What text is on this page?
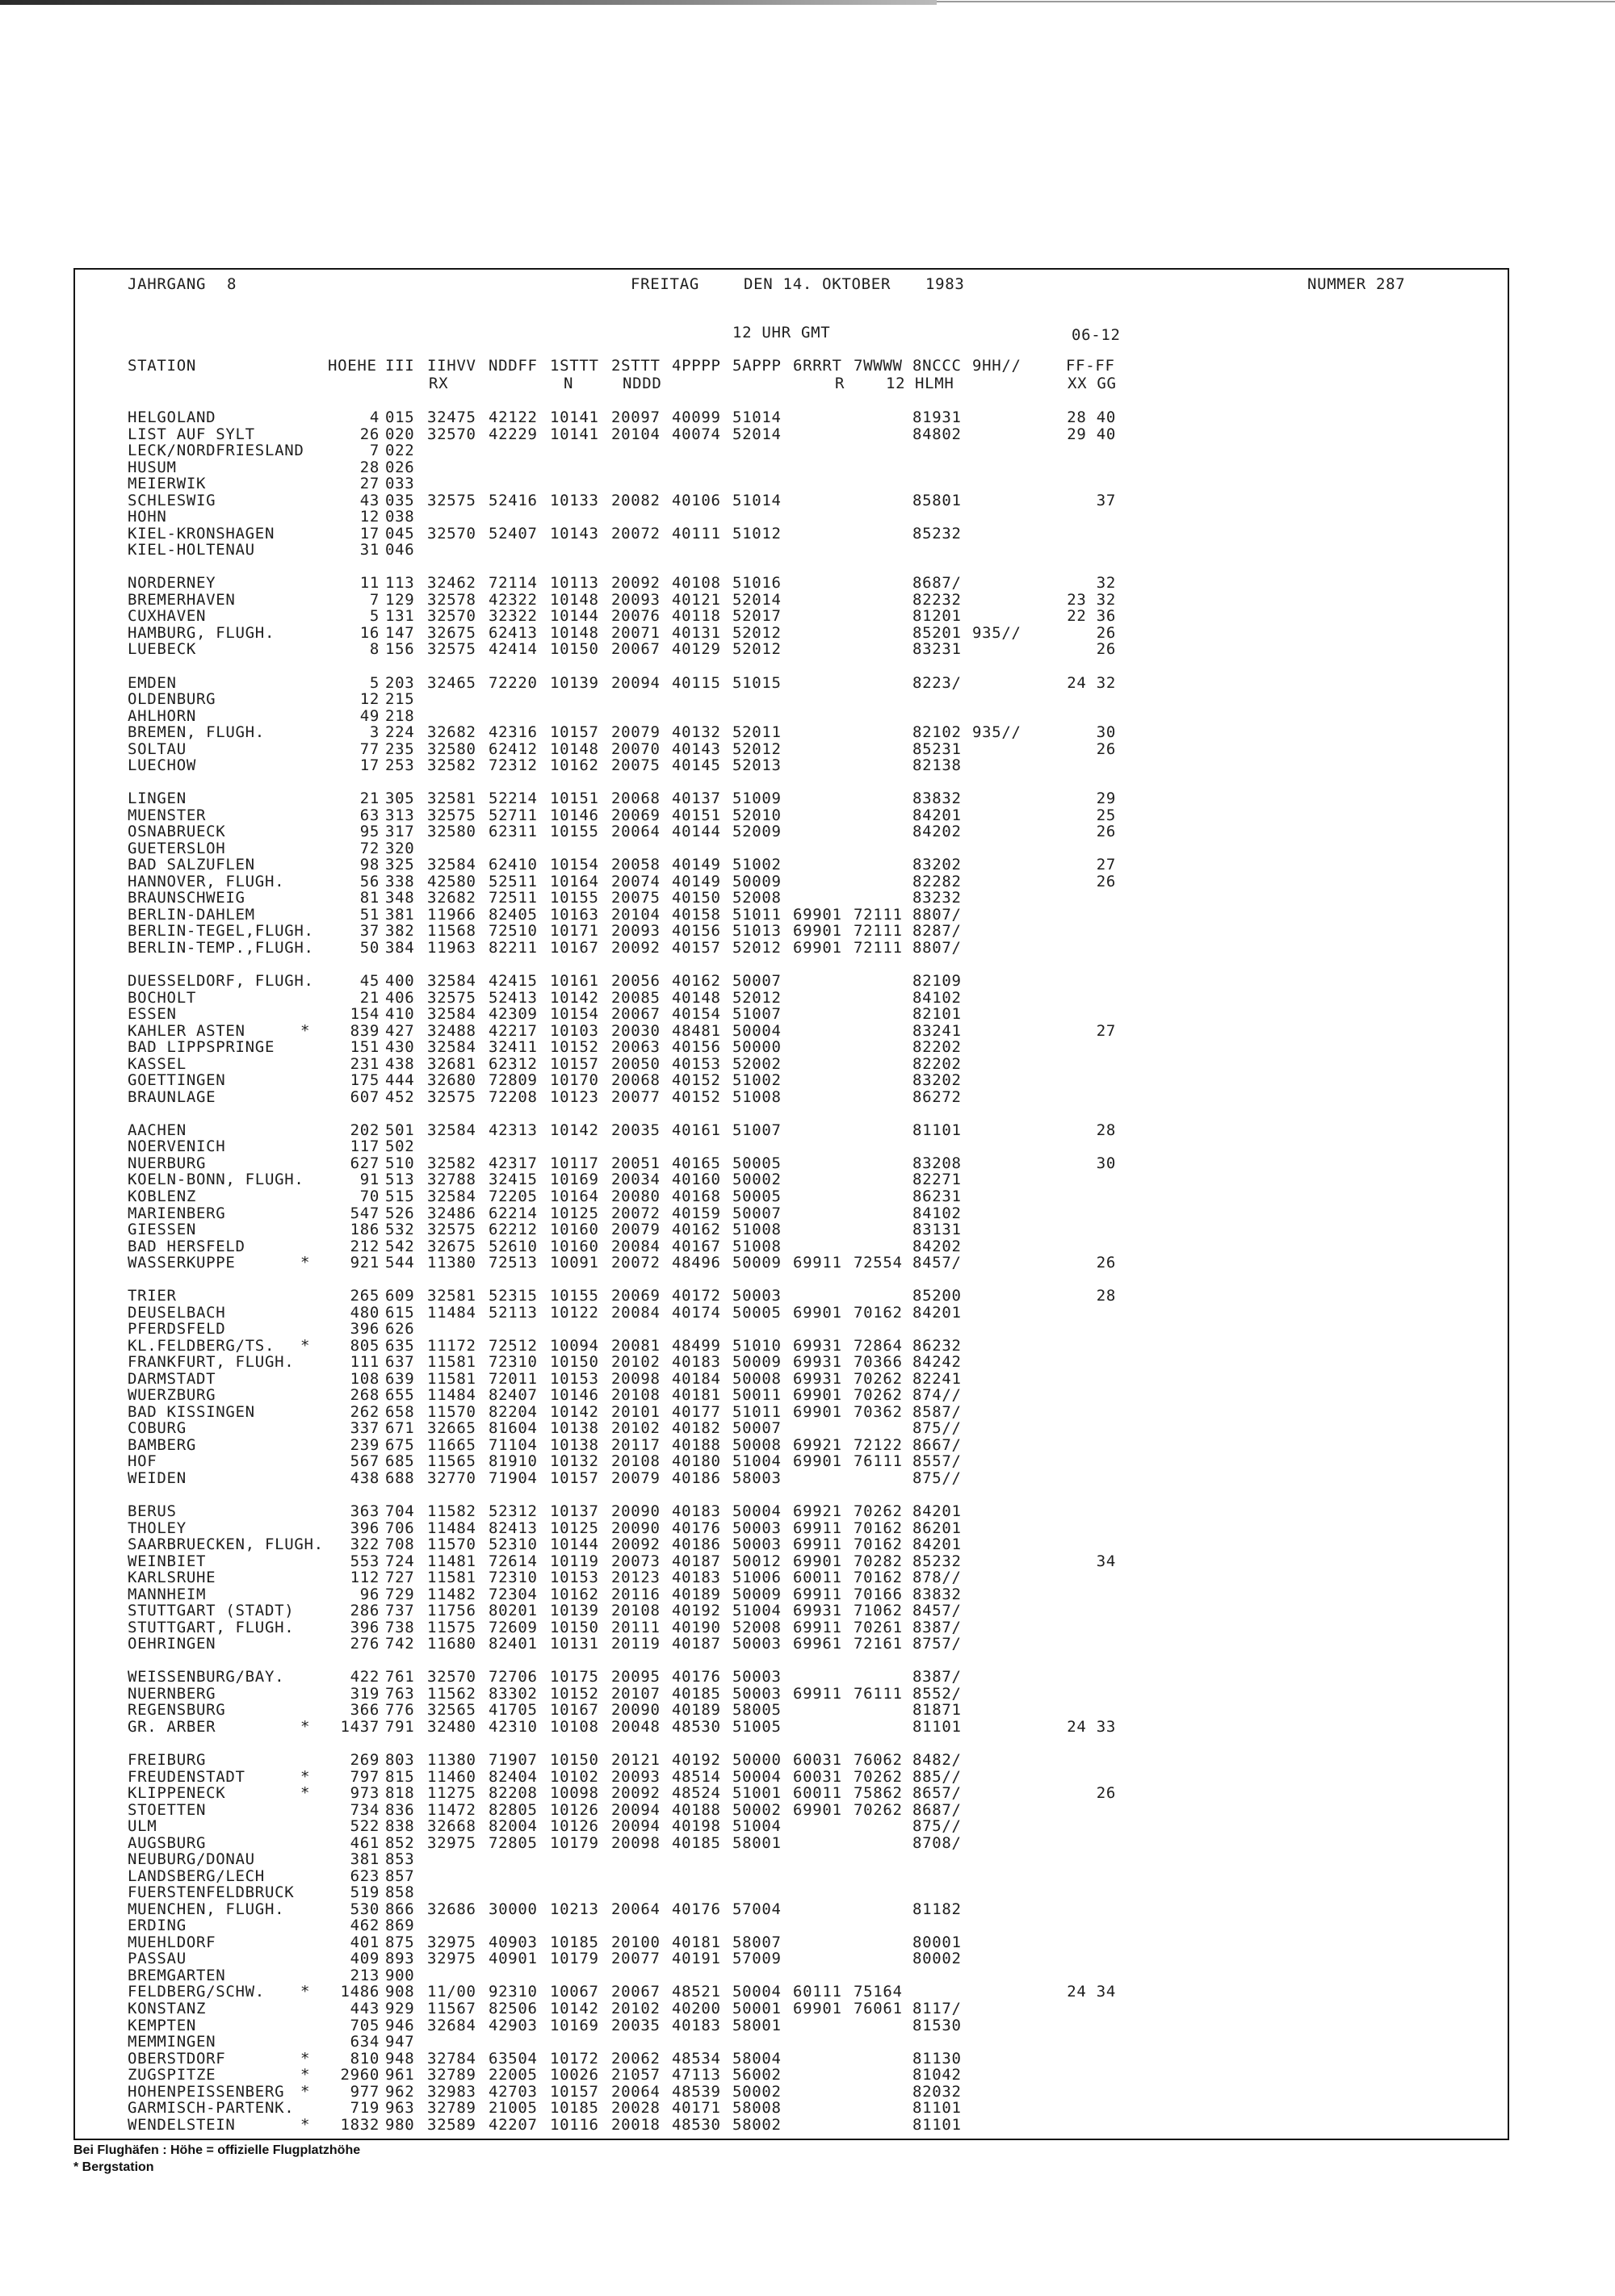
JAHRGANG 8	FREITAG	DEN 14. OKTOBER 1983	NUMMER 287
12 UHR GMT	06-12
STATION	HOEHE III IIHVV NDDFF 1STTT 2STTT 4PPPP 5APPP 6RRRT 7WWWW 8NCCC 9HH//	FF-FF
RX	N	NDDD	R	12 HLMH	XX GG
HELGOLAND	4 015 32475 42122 10141 20097 40099 51014	81931	28 40
LIST AUF SYLT	26 020 32570 42229 10141 20104 40074 52014	84802	29 40
LECK/NORDFRIESLAND	7 022
HUSUM	28 026
MEIERWIK	27 033
SCHLESWIG	43 035 32575 52416 10133 20082 40106 51014	85801	37
HOHN	12 038
KIEL-KRONSHAGEN	17 045 32570 52407 10143 20072 40111 51012	85232
KIEL-HOLTENAU	31 046
NORDERNEY	11 113 32462 72114 10113 20092 40108 51016	8687/	32
BREMERHAVEN	7 129 32578 42322 10148 20093 40121 52014	82232	23 32
CUXHAVEN	5 131 32570 32322 10144 20076 40118 52017	81201	22 36
HAMBURG, FLUGH.	16 147 32675 62413 10148 20071 40131 52012	85201 935//	26
LUEBECK	8 156 32575 42414 10150 20067 40129 52012	83231	26
EMDEN	5 203 32465 72220 10139 20094 40115 51015	8223/	24 32
OLDENBURG	12 215
AHLHORN	49 218
BREMEN, FLUGH.	3 224 32682 42316 10157 20079 40132 52011	82102 935//	30
SOLTAU	77 235 32580 62412 10148 20070 40143 52012	85231	26
LUECHOW	17 253 32582 72312 10162 20075 40145 52013	82138
LINGEN	21 305 32581 52214 10151 20068 40137 51009	83832	29
MUENSTER	63 313 32575 52711 10146 20069 40151 52010	84201	25
OSNABRUECK	95 317 32580 62311 10155 20064 40144 52009	84202	26
GUETERSLOH	72 320
BAD SALZUFLEN	98 325 32584 62410 10154 20058 40149 51002	83202	27
HANNOVER, FLUGH.	56 338 42580 52511 10164 20074 40149 50009	82282	26
BRAUNSCHWEIG	81 348 32682 72511 10155 20075 40150 52008	83232
BERLIN-DAHLEM	51 381 11966 82405 10163 20104 40158 51011 69901 72111 8807/
BERLIN-TEGEL,FLUGH.	37 382 11568 72510 10171 20093 40156 51013 69901 72111 8287/
BERLIN-TEMP.,FLUGH.	50 384 11963 82211 10167 20092 40157 52012 69901 72111 8807/
DUESSELDORF, FLUGH.	45 400 32584 42415 10161 20056 40162 50007	82109
BOCHOLT	21 406 32575 52413 10142 20085 40148 52012	84102
ESSEN	154 410 32584 42309 10154 20067 40154 51007	82101
KAHLER ASTEN	*	839 427 32488 42217 10103 20030 48481 50004	83241	27
BAD LIPPSPRINGE	151 430 32584 32411 10152 20063 40156 50000	82202
KASSEL	231 438 32681 62312 10157 20050 40153 52002	82202
GOETTINGEN	175 444 32680 72809 10170 20068 40152 51002	83202
BRAUNLAGE	607 452 32575 72208 10123 20077 40152 51008	86272
AACHEN	202 501 32584 42313 10142 20035 40161 51007	81101	28
NOERVENICH	117 502
NUERBURG	627 510 32582 42317 10117 20051 40165 50005	83208	30
KOELN-BONN, FLUGH.	91 513 32788 32415 10169 20034 40160 50002	82271
KOBLENZ	70 515 32584 72205 10164 20080 40168 50005	86231
MARIENBERG	547 526 32486 62214 10125 20072 40159 50007	84102
GIESSEN	186 532 32575 62212 10160 20079 40162 51008	83131
BAD HERSFELD	212 542 32675 52610 10160 20084 40167 51008	84202
WASSERKUPPE	*	921 544 11380 72513 10091 20072 48496 50009 69911 72554 8457/	26
TRIER	265 609 32581 52315 10155 20069 40172 50003	85200	28
DEUSELBACH	480 615 11484 52113 10122 20084 40174 50005 69901 70162 84201
PFERDSFELD	396 626
KL.FELDBERG/TS. *	805 635 11172 72512 10094 20081 48499 51010 69931 72864 86232
FRANKFURT, FLUGH.	111 637 11581 72310 10150 20102 40183 50009 69931 70366 84242
DARMSTADT	108 639 11581 72011 10153 20098 40184 50008 69931 70262 82241
WUERZBURG	268 655 11484 82407 10146 20108 40181 50011 69901 70262 874//
BAD KISSINGEN	262 658 11570 82204 10142 20101 40177 51011 69901 70362 8587/
COBURG	337 671 32665 81604 10138 20102 40182 50007	875//
BAMBERG	239 675 11665 71104 10138 20117 40188 50008 69921 72122 8667/
HOF	567 685 11565 81910 10132 20108 40180 51004 69901 76111 8557/
WEIDEN	438 688 32770 71904 10157 20079 40186 58003	875//
BERUS	363 704 11582 52312 10137 20090 40183 50004 69921 70262 84201
THOLEY	396 706 11484 82413 10125 20090 40176 50003 69911 70162 86201
SAARBRUECKEN, FLUGH.	322 708 11570 52310 10144 20092 40186 50003 69911 70162 84201
WEINBIET	553 724 11481 72614 10119 20073 40187 50012 69901 70282 85232	34
KARLSRUHE	112 727 11581 72310 10153 20123 40183 51006 60011 70162 878//
MANNHEIM	96 729 11482 72304 10162 20116 40189 50009 69911 70166 83832
STUTTGART (STADT)	286 737 11756 80201 10139 20108 40192 51004 69931 71062 8457/
STUTTGART, FLUGH.	396 738 11575 72609 10150 20111 40190 52008 69911 70261 8387/
OEHRINGEN	276 742 11680 82401 10131 20119 40187 50003 69961 72161 8757/
WEISSENBURG/BAY.	422 761 32570 72706 10175 20095 40176 50003	8387/
NUERNBERG	319 763 11562 83302 10152 20107 40185 50003 69911 76111 8552/
REGENSBURG	366 776 32565 41705 10167 20090 40189 58005	81871
GR. ARBER	*	1437 791 32480 42310 10108 20048 48530 51005	81101	24 33
FREIBURG	269 803 11380 71907 10150 20121 40192 50000 60031 76062 8482/
FREUDENSTADT	*	797 815 11460 82404 10102 20093 48514 50004 60031 70262 885//
KLIPPENECK	*	973 818 11275 82208 10098 20092 48524 51001 60011 75862 8657/	26
STOETTEN	734 836 11472 82805 10126 20094 40188 50002 69901 70262 8687/
ULM	522 838 32668 82004 10126 20094 40198 51004	875//
AUGSBURG	461 852 32975 72805 10179 20098 40185 58001	8708/
NEUBURG/DONAU	381 853
LANDSBERG/LECH	623 857
FUERSTENFELDBRUCK	519 858
MUENCHEN, FLUGH.	530 866 32686 30000 10213 20064 40176 57004	81182
ERDING	462 869
MUEHLDORF	401 875 32975 40903 10185 20100 40181 58007	80001
PASSAU	409 893 32975 40901 10179 20077 40191 57009	80002
BREMGARTEN	213 900
FELDBERG/SCHW. *	1486 908 11/00 92310 10067 20067 48521 50004 60111 75164	24 34
KONSTANZ	443 929 11567 82506 10142 20102 40200 50001 69901 76061 8117/
KEMPTEN	705 946 32684 42903 10169 20035 40183 58001	81530
MEMMINGEN	634 947
OBERSTDORF	*	810 948 32784 63504 10172 20062 48534 58004	81130
ZUGSPITZE	*	2960 961 32789 22005 10026 21057 47113 56002	81042
HOHENPEISSENBERG *	977 962 32983 42703 10157 20064 48539 50002	82032
GARMISCH-PARTENK.	719 963 32789 21005 10185 20028 40171 58008	81101
WENDELSTEIN	*	1832 980 32589 42207 10116 20018 48530 58002	81101
Bei Flughäfen : Höhe = offizielle Flugplatzhöhe
* Bergstation
